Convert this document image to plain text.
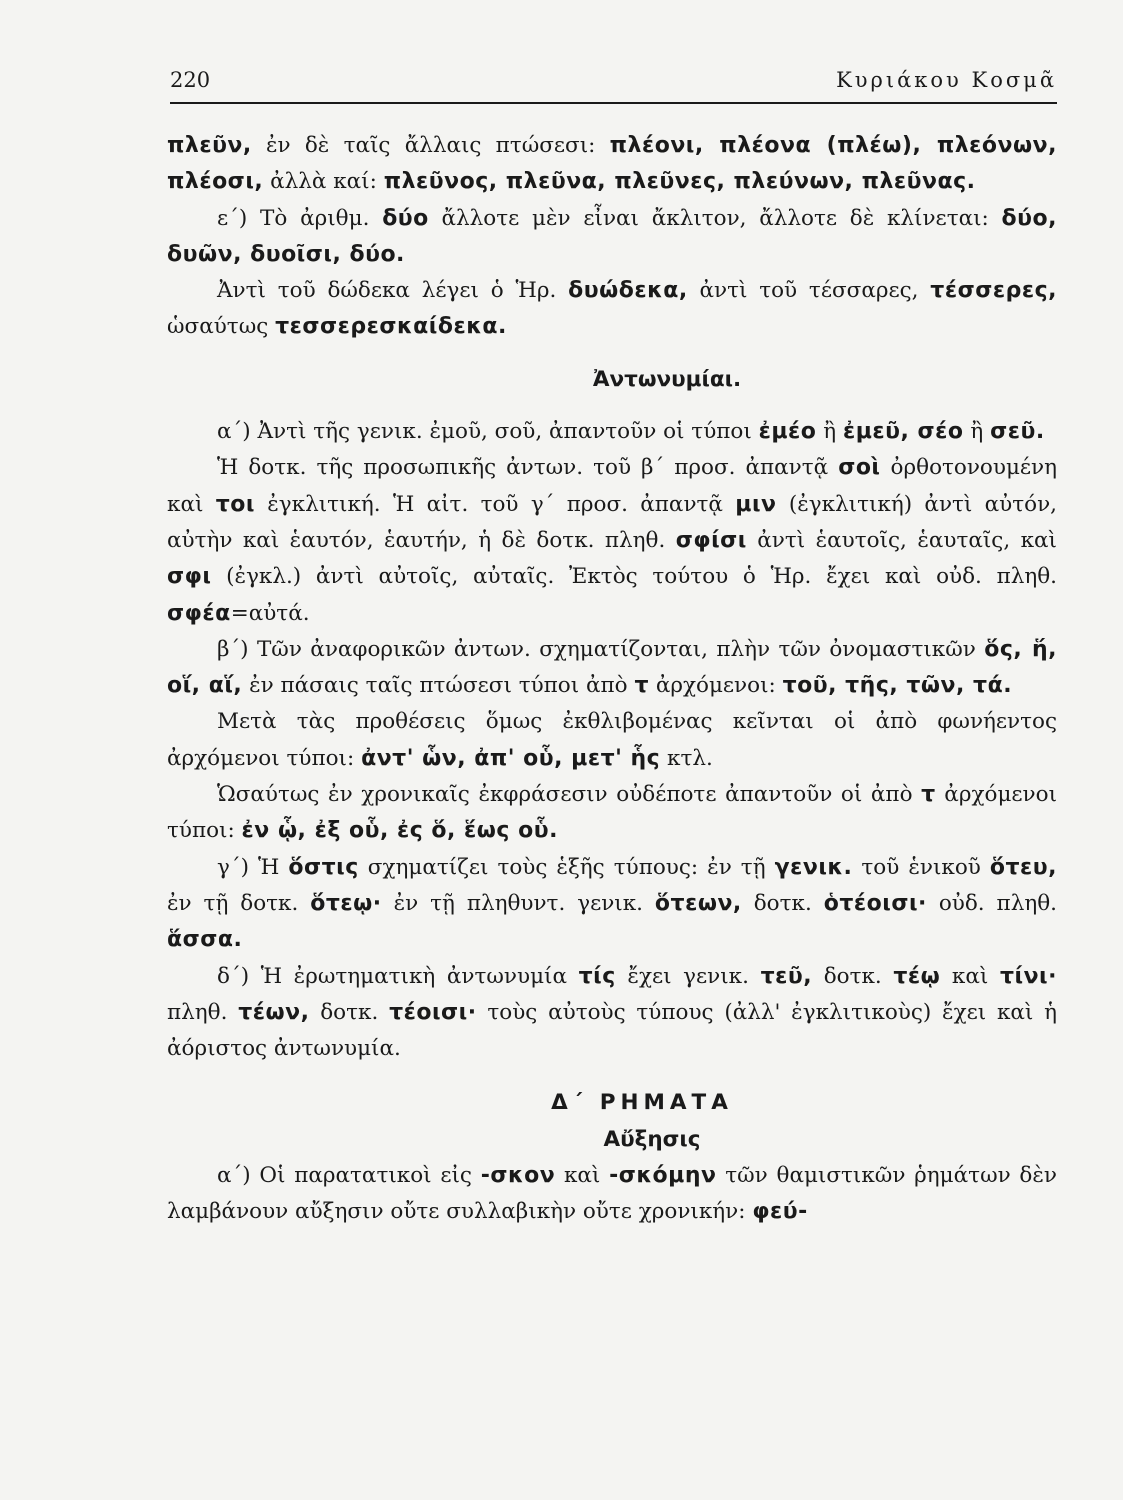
220	Κυριάκου Κοσμᾶ

πλεῦν, ἐν δὲ ταῖς ἄλλαις πτώσεσι: πλέονι, πλέονα (πλέω), πλεόνων, πλέοσι, ἀλλὰ καί: πλεῦνος, πλεῦνα, πλεῦνες, πλεύνων, πλεῦνας.

ε΄) Τὸ ἀριθμ. δύο ἄλλοτε μὲν εἶναι ἄκλιτον, ἄλλοτε δὲ κλίνεται: δύο, δυῶν, δυοῖσι, δύο.

Ἀντὶ τοῦ δώδεκα λέγει ὁ Ἡρ. δυώδεκα, ἀντὶ τοῦ τέσσαρες, τέσσερες, ὡσαύτως τεσσερεσκαίδεκα.

Ἀντωνυμίαι.

α΄) Ἀντὶ τῆς γενικ. ἐμοῦ, σοῦ, ἀπαντοῦν οἱ τύποι ἐμέο ἢ ἐμεῦ, σέο ἢ σεῦ.

Ἡ δοτκ. τῆς προσωπικῆς ἀντων. τοῦ β΄ προσ. ἀπαντᾷ σοὶ ὀρθοτονουμένη καὶ τοι ἐγκλιτική. Ἡ αἰτ. τοῦ γ΄ προσ. ἀπαντᾷ μιν (ἐγκλιτική) ἀντὶ αὐτόν, αὐτὴν καὶ ἑαυτόν, ἑαυτήν, ἡ δὲ δοτκ. πληθ. σφίσι ἀντὶ ἑαυτοῖς, ἑαυταῖς, καὶ σφι (ἐγκλ.) ἀντὶ αὐτοῖς, αὐταῖς. Ἐκτὸς τούτου ὁ Ἡρ. ἔχει καὶ οὐδ. πληθ. σφέα=αὐτά.

β΄) Τῶν ἀναφορικῶν ἀντων. σχηματίζονται, πλὴν τῶν ὀνομαστικῶν ὅς, ἥ, οἵ, αἵ, ἐν πάσαις ταῖς πτώσεσι τύποι ἀπὸ τ ἀρχόμενοι: τοῦ, τῆς, τῶν, τά.

Μετὰ τὰς προθέσεις ὅμως ἐκθλιβομένας κεῖνται οἱ ἀπὸ φωνήεντος ἀρχόμενοι τύποι: ἀντ' ὧν, ἀπ' οὗ, μετ' ἧς κτλ.

Ὡσαύτως ἐν χρονικαῖς ἐκφράσεσιν οὐδέποτε ἀπαντοῦν οἱ ἀπὸ τ ἀρχόμενοι τύποι: ἐν ᾧ, ἐξ οὗ, ἐς ὅ, ἕως οὗ.

γ΄) Ἡ ὅστις σχηματίζει τοὺς ἑξῆς τύπους: ἐν τῇ γενικ. τοῦ ἑνικοῦ ὅτευ, ἐν τῇ δοτκ. ὅτεῳ· ἐν τῇ πληθυντ. γενικ. ὅτεων, δοτκ. ὁτέοισι· οὐδ. πληθ. ἅσσα.

δ΄) Ἡ ἐρωτηματικὴ ἀντωνυμία τίς ἔχει γενικ. τεῦ, δοτκ. τέῳ καὶ τίνι· πληθ. τέων, δοτκ. τέοισι· τοὺς αὐτοὺς τύπους (ἀλλ' ἐγκλιτικοὺς) ἔχει καὶ ἡ ἀόριστος ἀντωνυμία.

Δ΄ ΡΗΜΑΤΑ

Αὔξησις

α΄) Οἱ παρατατικοὶ εἰς -σκον καὶ -σκόμην τῶν θαμιστικῶν ῥημάτων δὲν λαμβάνουν αὔξησιν οὔτε συλλαβικὴν οὔτε χρονικήν: φεύ-
